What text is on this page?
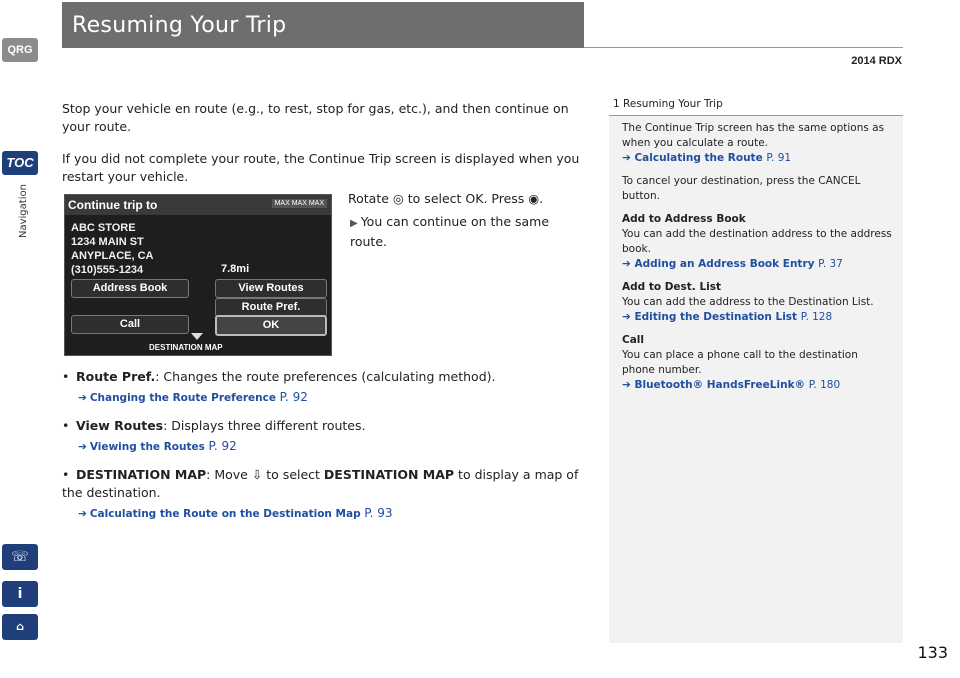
Resuming Your Trip
2014 RDX
QRG
TOC
Navigation
☏
i
⌂
133
Stop your vehicle en route (e.g., to rest, stop for gas, etc.), and then continue on your route.
If you did not complete your route, the Continue Trip screen is displayed when you restart your vehicle.
Continue trip to	MAX MAX MAX
ABC STORE
1234 MAIN ST
ANYPLACE, CA
(310)555-1234	7.8mi
Address Book	View Routes
Route Pref.
Call	OK
DESTINATION MAP
Rotate ◎ to select OK. Press ◉.
▶ You can continue on the same route.
• Route Pref.: Changes the route preferences (calculating method).
➔ Changing the Route Preference P. 92
• View Routes: Displays three different routes.
➔ Viewing the Routes P. 92
• DESTINATION MAP: Move ⇩ to select DESTINATION MAP to display a map of the destination.
➔ Calculating the Route on the Destination Map P. 93
1 Resuming Your Trip

The Continue Trip screen has the same options as when you calculate a route.
➔ Calculating the Route P. 91

To cancel your destination, press the CANCEL button.

Add to Address Book
You can add the destination address to the address book.
➔ Adding an Address Book Entry P. 37

Add to Dest. List
You can add the address to the Destination List.
➔ Editing the Destination List P. 128

Call
You can place a phone call to the destination phone number.
➔ Bluetooth® HandsFreeLink® P. 180
